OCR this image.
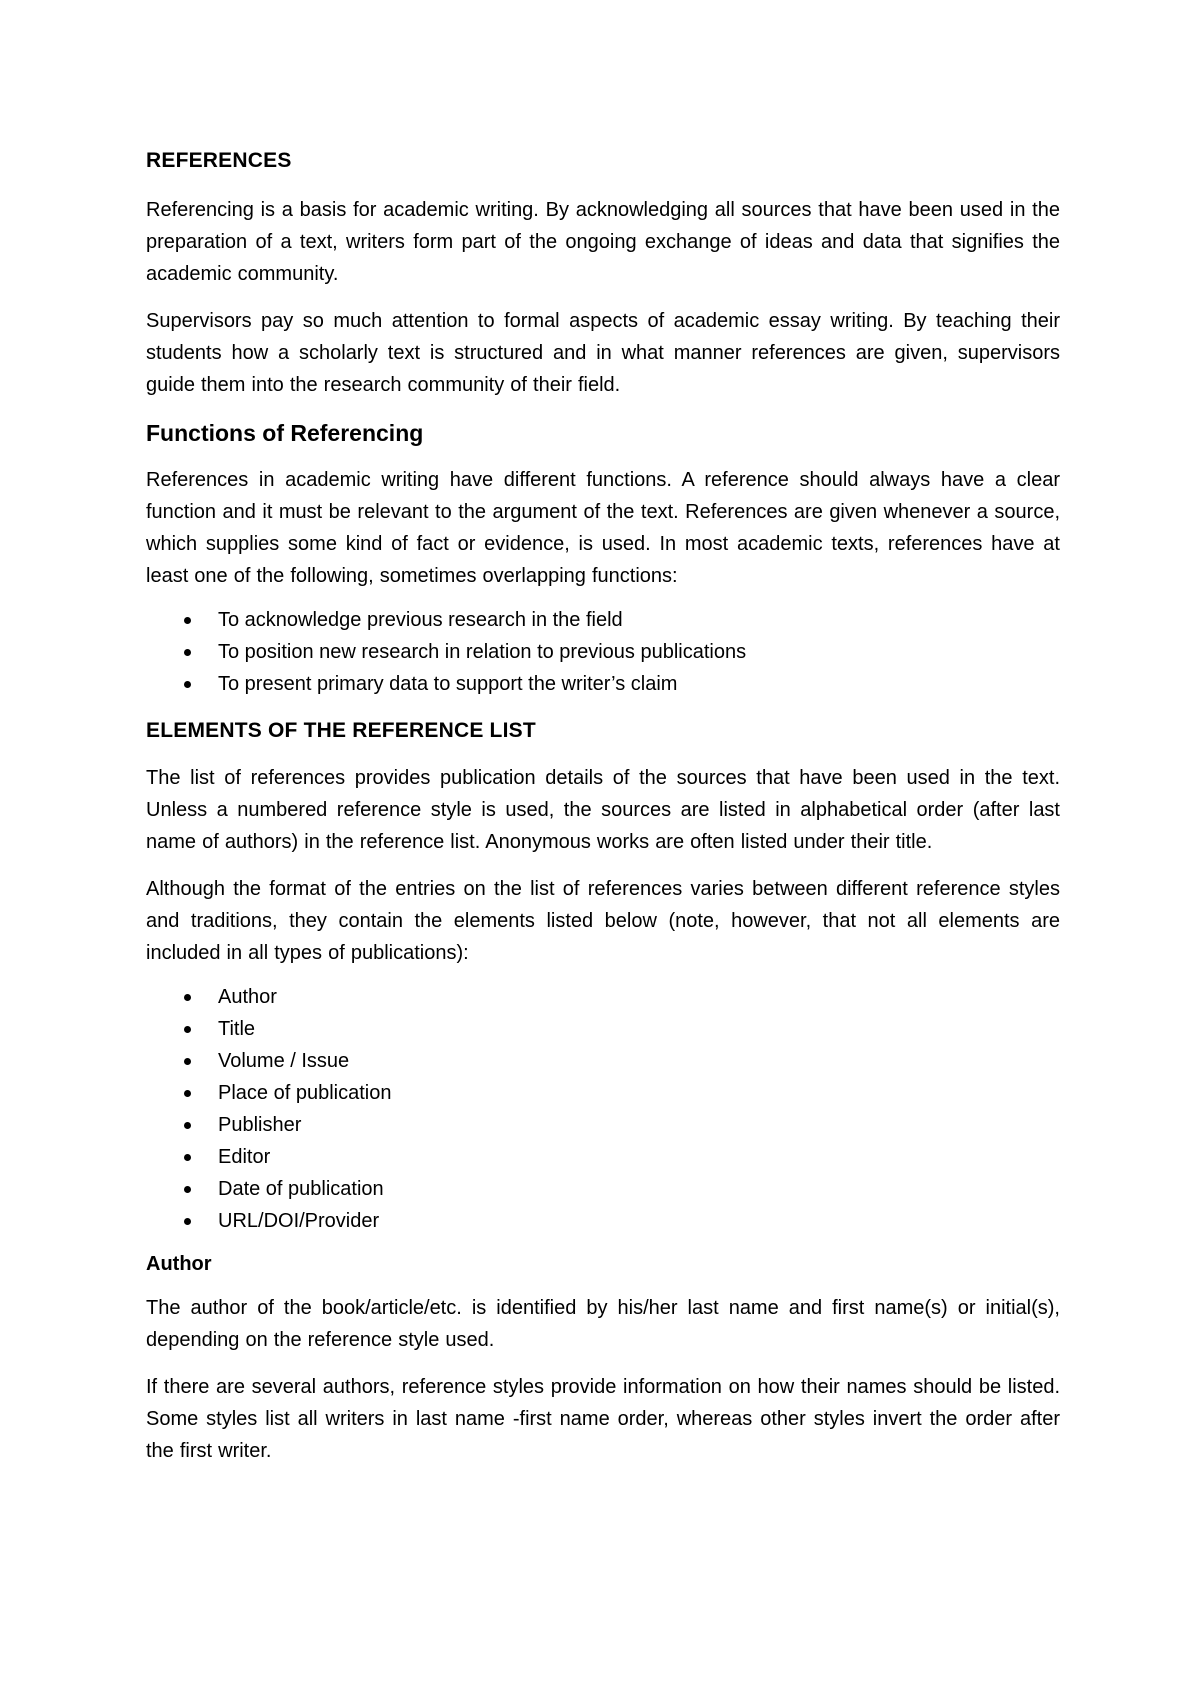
REFERENCES

Referencing is a basis for academic writing. By acknowledging all sources that have been used in the preparation of a text, writers form part of the ongoing exchange of ideas and data that signifies the academic community.

Supervisors pay so much attention to formal aspects of academic essay writing. By teaching their students how a scholarly text is structured and in what manner references are given, supervisors guide them into the research community of their field.

Functions of Referencing

References in academic writing have different functions. A reference should always have a clear function and it must be relevant to the argument of the text. References are given whenever a source, which supplies some kind of fact or evidence, is used. In most academic texts, references have at least one of the following, sometimes overlapping functions:

To acknowledge previous research in the field
To position new research in relation to previous publications
To present primary data to support the writer’s claim
ELEMENTS OF THE REFERENCE LIST

The list of references provides publication details of the sources that have been used in the text. Unless a numbered reference style is used, the sources are listed in alphabetical order (after last name of authors) in the reference list. Anonymous works are often listed under their title.

Although the format of the entries on the list of references varies between different reference styles and traditions, they contain the elements listed below (note, however, that not all elements are included in all types of publications):

Author
Title
Volume / Issue
Place of publication
Publisher
Editor
Date of publication
URL/DOI/Provider
Author

The author of the book/article/etc. is identified by his/her last name and first name(s) or initial(s), depending on the reference style used.

If there are several authors, reference styles provide information on how their names should be listed. Some styles list all writers in last name -first name order, whereas other styles invert the order after the first writer.
